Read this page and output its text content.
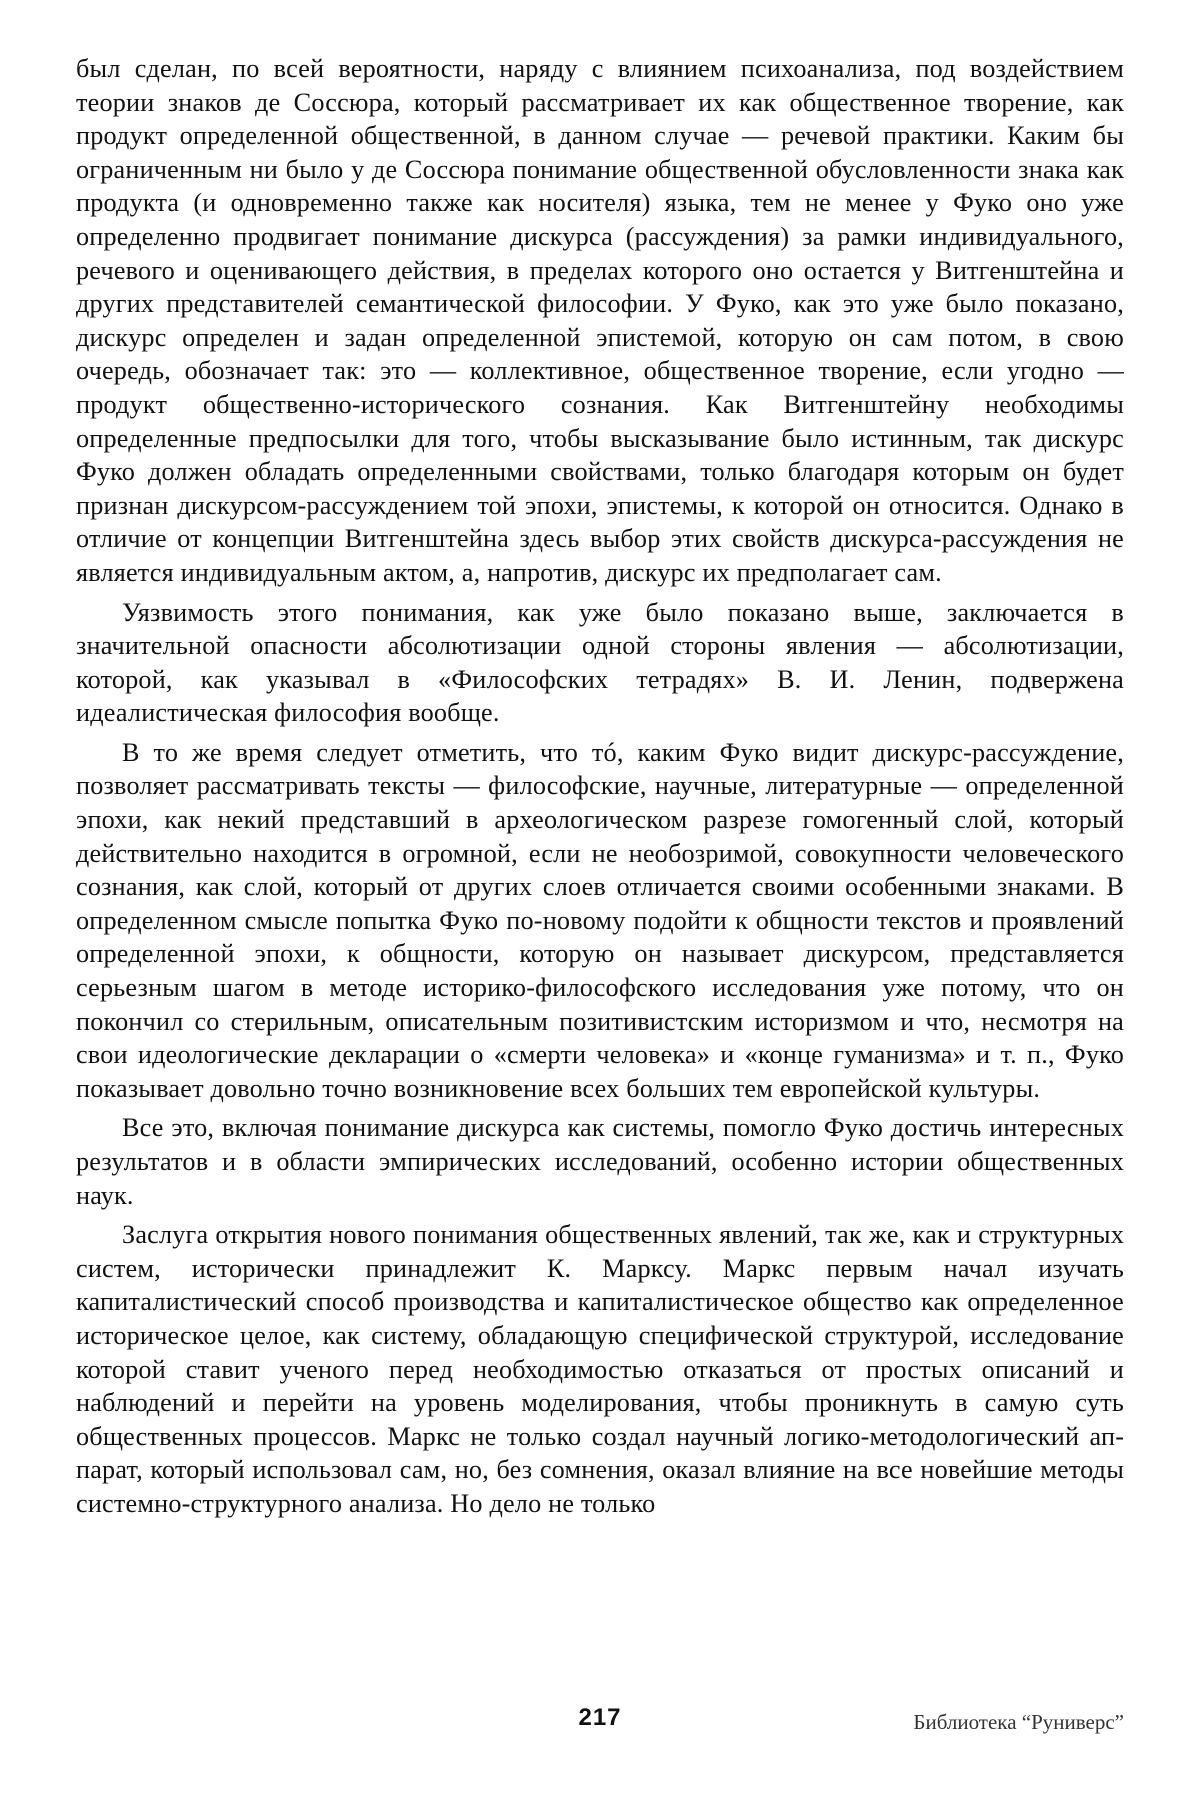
был сделан, по всей вероятности, наряду с влиянием психоанализа, под воздействием теории знаков де Соссюра, который рассматривает их как общественное творение, как продукт определенной общественной, в данном случае — речевой практики. Каким бы ограниченным ни было у де Соссюра понимание общественной обусловленности знака как продукта (и одновременно также как носителя) языка, тем не менее у Фуко оно уже определенно продвигает понимание дискурса (рассуждения) за рамки индивидуального, речевого и оценивающего действия, в пределах которого оно остается у Витгенштейна и других представителей семантической философии. У Фуко, как это уже было показано, дискурс определен и задан определенной эпистемой, которую он сам потом, в свою очередь, обозначает так: это — коллективное, общественное творение, если угодно — продукт общественно-исторического сознания. Как Витгенштейну необходимы определенные предпосылки для того, чтобы высказывание было истинным, так дискурс Фуко должен обладать определенными свойствами, только благодаря которым он будет признан дискурсом-рассуждением той эпохи, эпистемы, к которой он относится. Однако в отличие от концепции Витгенштейна здесь выбор этих свойств дискурса-рассуждения не является индивидуальным актом, а, напротив, дискурс их предполагает сам.

Уязвимость этого понимания, как уже было показано выше, заключается в значительной опасности абсолютизации одной стороны явления — абсолютизации, которой, как указывал в «Философских тетрадях» В. И. Ленин, подвержена идеалистическая философия вообще.

В то же время следует отметить, что тó, каким Фуко видит дискурс-рассуждение, позволяет рассматривать тексты — философские, научные, литературные — определенной эпохи, как некий представший в археологическом разрезе гомогенный слой, который действительно находится в огромной, если не необозримой, совокупности человеческого сознания, как слой, который от других слоев отличается своими особенными знаками. В определенном смысле попытка Фуко по-новому подойти к общности текстов и проявлений определенной эпохи, к общности, которую он называет дискурсом, представляется серьезным шагом в методе историко-философского исследования уже потому, что он покончил со стерильным, описательным позитивистским историзмом и что, несмотря на свои идеологические декларации о «смерти человека» и «конце гуманизма» и т. п., Фуко показывает довольно точно возникновение всех больших тем европейской культуры.

Все это, включая понимание дискурса как системы, помогло Фуко достичь интересных результатов и в области эмпирических исследований, особенно истории общественных наук.

Заслуга открытия нового понимания общественных явлений, так же, как и структурных систем, исторически принадлежит К. Марксу. Маркс первым начал изучать капиталистический способ производства и капиталистическое общество как определенное историческое целое, как систему, обладающую специфической структурой, исследование которой ставит ученого перед необходимостью отказаться от простых описаний и наблюдений и перейти на уровень моделирования, чтобы проникнуть в самую суть общественных процессов. Маркс не только создал научный логико-методологический аппарат, который использовал сам, но, без сомнения, оказал влияние на все новейшие методы системно-структурного анализа. Но дело не только

217	Библиотека “Руниверс”
